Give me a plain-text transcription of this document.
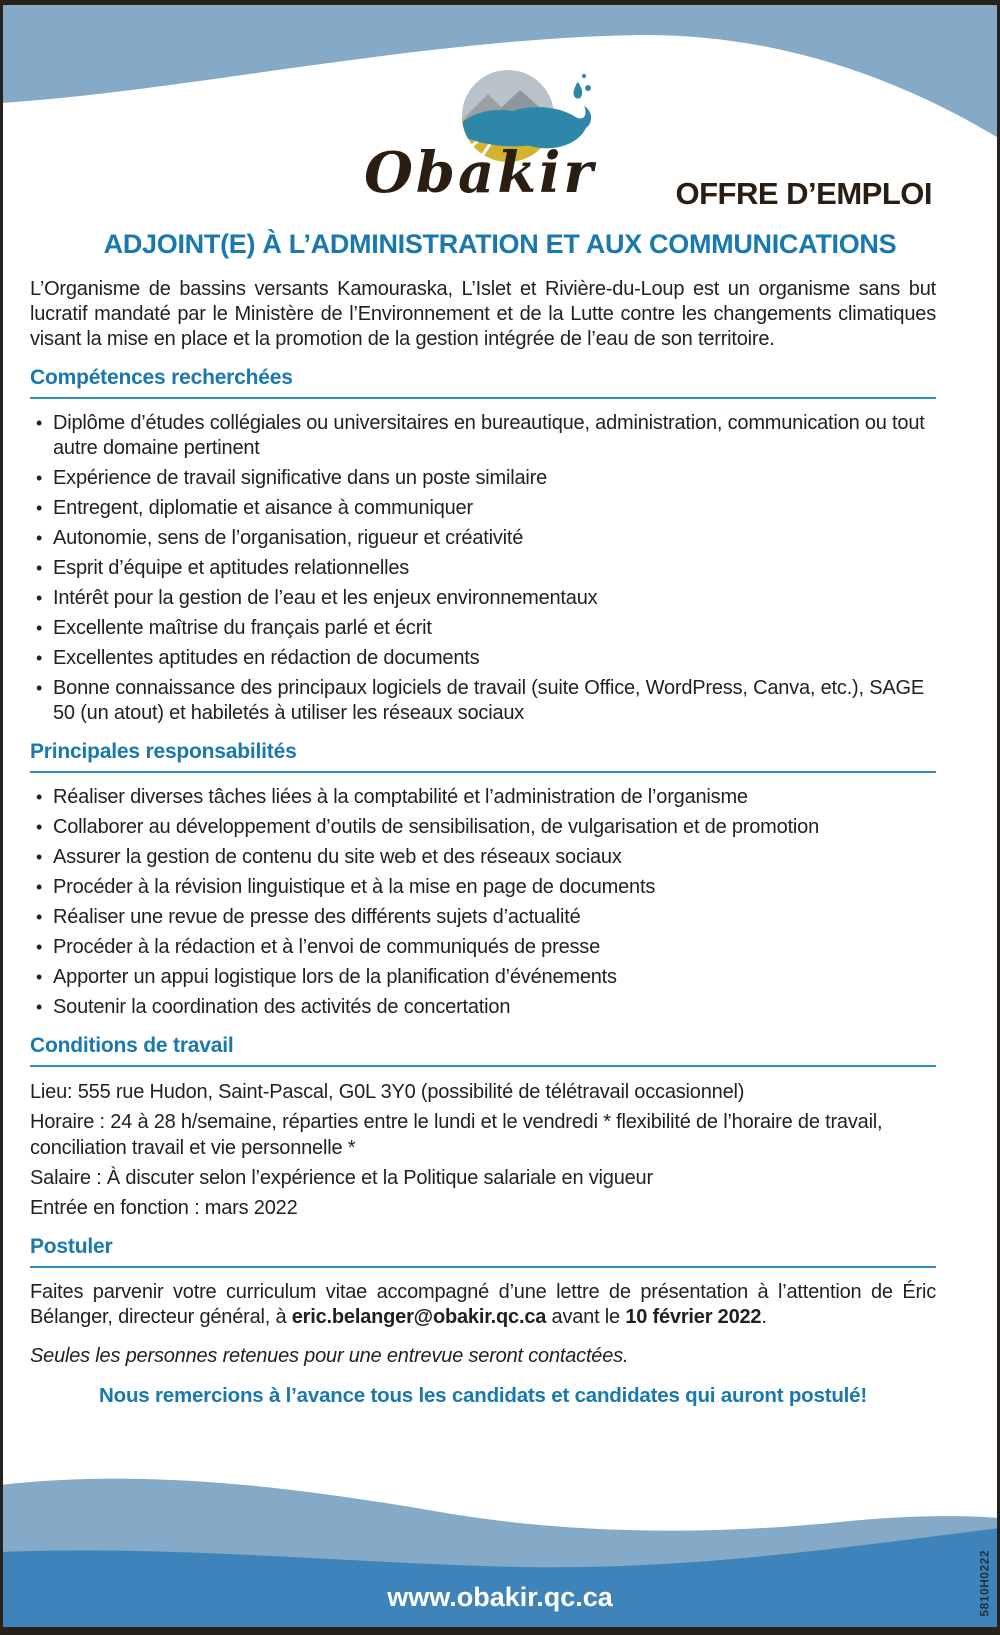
Obakir	OFFRE D’EMPLOI
ADJOINT(E) À L’ADMINISTRATION ET AUX COMMUNICATIONS

L’Organisme de bassins versants Kamouraska, L’Islet et Rivière-du-Loup est un organisme sans but lucratif mandaté par le Ministère de l’Environnement et de la Lutte contre les changements climatiques visant la mise en place et la promotion de la gestion intégrée de l’eau de son territoire.

Compétences recherchées
•
Diplôme d’études collégiales ou universitaires en bureautique, administration, communication ou tout autre domaine pertinent
•
Expérience de travail significative dans un poste similaire
•
Entregent, diplomatie et aisance à communiquer
•
Autonomie, sens de l’organisation, rigueur et créativité
•
Esprit d’équipe et aptitudes relationnelles
•
Intérêt pour la gestion de l’eau et les enjeux environnementaux
•
Excellente maîtrise du français parlé et écrit
•
Excellentes aptitudes en rédaction de documents
•
Bonne connaissance des principaux logiciels de travail (suite Office, WordPress, Canva, etc.), SAGE 50 (un atout) et habiletés à utiliser les réseaux sociaux
Principales responsabilités
•
Réaliser diverses tâches liées à la comptabilité et l’administration de l’organisme
•
Collaborer au développement d’outils de sensibilisation, de vulgarisation et de promotion
•
Assurer la gestion de contenu du site web et des réseaux sociaux
•
Procéder à la révision linguistique et à la mise en page de documents
•
Réaliser une revue de presse des différents sujets d’actualité
•
Procéder à la rédaction et à l’envoi de communiqués de presse
•
Apporter un appui logistique lors de la planification d’événements
•
Soutenir la coordination des activités de concertation
Conditions de travail

Lieu: 555 rue Hudon, Saint-Pascal, G0L 3Y0 (possibilité de télétravail occasionnel)

Horaire : 24 à 28 h/semaine, réparties entre le lundi et le vendredi * flexibilité de l’horaire de travail, conciliation travail et vie personnelle *

Salaire : À discuter selon l’expérience et la Politique salariale en vigueur

Entrée en fonction : mars 2022

Postuler

Faites parvenir votre curriculum vitae accompagné d’une lettre de présentation à l’attention de Éric Bélanger, directeur général, à eric.belanger@obakir.qc.ca avant le 10 février 2022.

Seules les personnes retenues pour une entrevue seront contactées.

Nous remercions à l’avance tous les candidats et candidates qui auront postulé!

www.obakir.qc.ca	5810H0222
